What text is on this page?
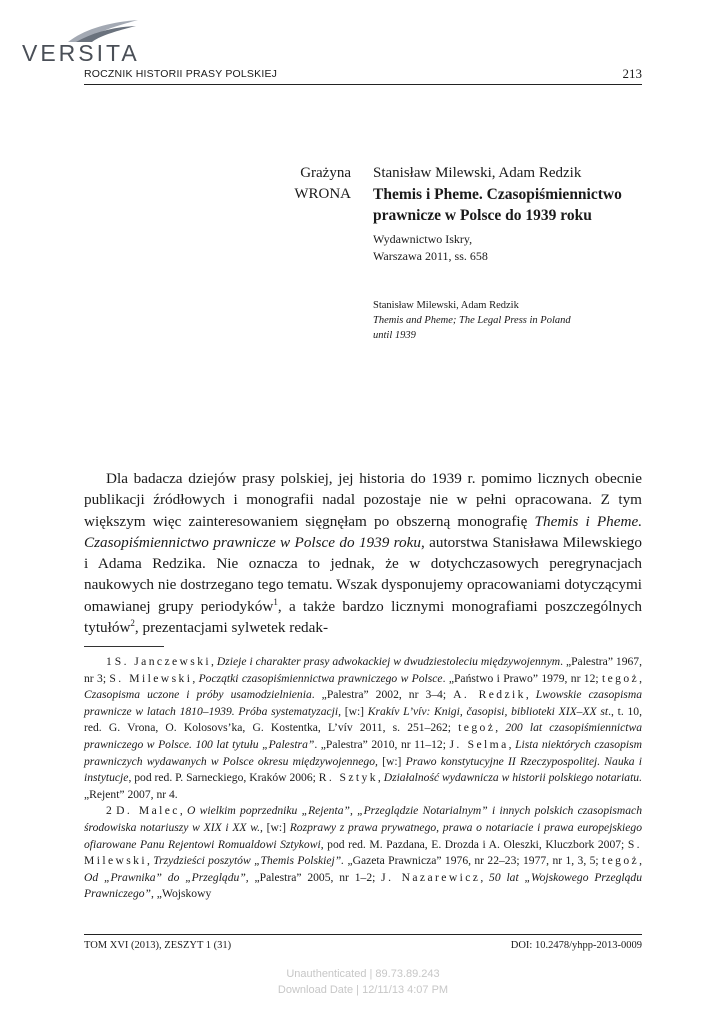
VERSITA
ROCZNIK HISTORII PRASY POLSKIEJ	213
Grażyna
WRONA
Stanisław Milewski, Adam Redzik
Themis i Pheme. Czasopiśmiennictwo
prawnicze w Polsce do 1939 roku
Wydawnictwo Iskry,
Warszawa 2011, ss. 658
Stanisław Milewski, Adam Redzik
Themis and Pheme; The Legal Press in Poland
until 1939

Dla badacza dziejów prasy polskiej, jej historia do 1939 r. pomimo licznych obecnie publikacji źródłowych i monografii nadal pozostaje nie w pełni opracowana. Z tym większym więc zainteresowaniem sięgnęłam po obszerną monografię Themis i Pheme. Czasopiśmiennictwo prawnicze w Polsce do 1939 roku, autorstwa Stanisława Milewskiego i Adama Redzika. Nie oznacza to jednak, że w dotychczasowych peregrynacjach naukowych nie dostrzegano tego tematu. Wszak dysponujemy opracowaniami dotyczącymi omawianej grupy periodyków$^1$, a także bardzo licznymi monografiami poszczególnych tytułów$^2$, prezentacjami sylwetek redak-

1 S. Janczewski, Dzieje i charakter prasy adwokackiej w dwudziestoleciu międzywojennym. „Palestra” 1967, nr 3; S. Milewski, Początki czasopiśmiennictwa prawniczego w Polsce. „Państwo i Prawo” 1979, nr 12; tegoż, Czasopisma uczone i próby usamodzielnienia. „Palestra” 2002, nr 3–4; A. Redzik, Lwowskie czasopisma prawnicze w latach 1810–1939. Próba systematyzacji, [w:] Krakív L’vív: Knigi, časopisi, biblioteki XIX–XX st., t. 10, red. G. Vrona, O. Kolosovs’ka, G. Kostentka, L’vív 2011, s. 251–262; tegoż, 200 lat czasopiśmiennictwa prawniczego w Polsce. 100 lat tytułu „Palestra”. „Palestra” 2010, nr 11–12; J. Selma, Lista niektórych czasopism prawniczych wydawanych w Polsce okresu międzywojennego, [w:] Prawo konstytucyjne II Rzeczypospolitej. Nauka i instytucje, pod red. P. Sarneckiego, Kraków 2006; R. Sztyk, Działalność wydawnicza w historii polskiego notariatu. „Rejent” 2007, nr 4.

2 D. Malec, O wielkim poprzedniku „Rejenta”, „Przeglądzie Notarialnym” i innych polskich czasopismach środowiska notariuszy w XIX i XX w., [w:] Rozprawy z prawa prywatnego, prawa o notariacie i prawa europejskiego ofiarowane Panu Rejentowi Romualdowi Sztykowi, pod red. M. Pazdana, E. Drozda i A. Oleszki, Kluczbork 2007; S. Milewski, Trzydzieści poszytów „Themis Polskiej”. „Gazeta Prawnicza” 1976, nr 22–23; 1977, nr 1, 3, 5; tegoż, Od „Prawnika” do „Przeglądu”, „Palestra” 2005, nr 1–2; J. Nazarewicz, 50 lat „Wojskowego Przeglądu Prawniczego”, „Wojskowy

TOM XVI (2013), ZESZYT 1 (31)	DOI: 10.2478/yhpp-2013-0009
Unauthenticated | 89.73.89.243
Download Date | 12/11/13 4:07 PM
